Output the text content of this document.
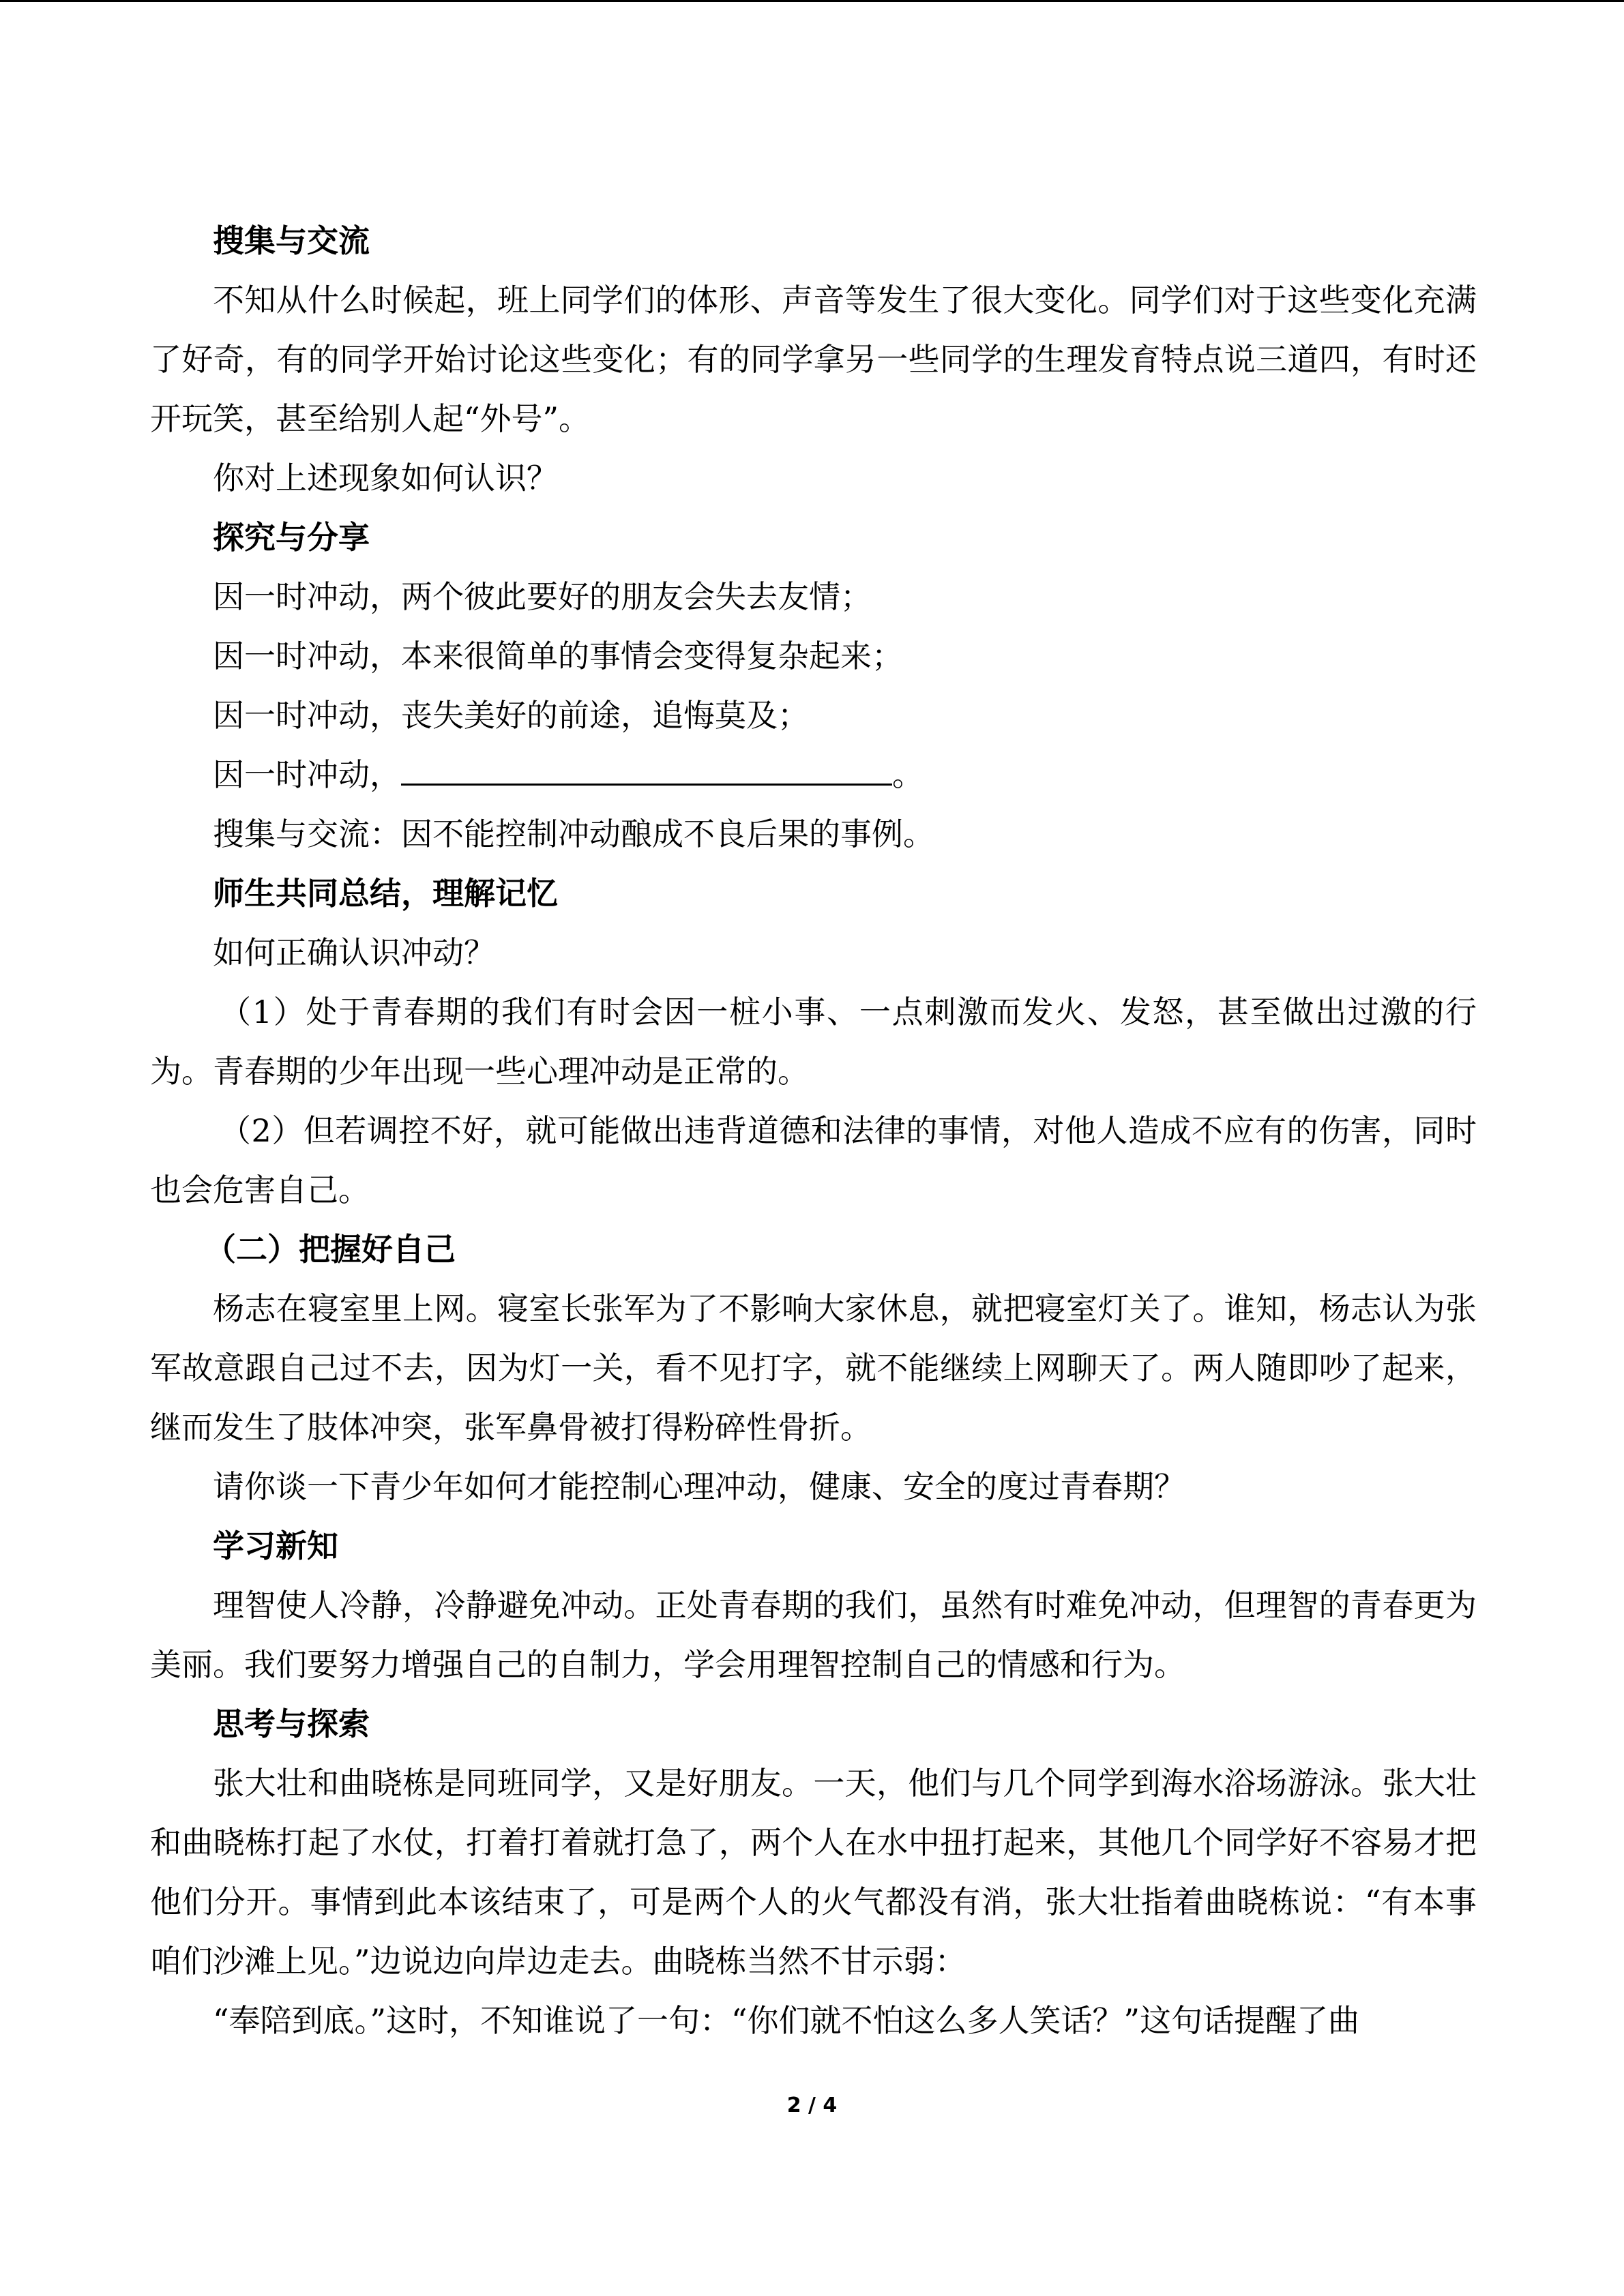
搜集与交流

不知从什么时候起，班上同学们的体形、声音等发生了很大变化。同学们对于这些变化充满了好奇，有的同学开始讨论这些变化；有的同学拿另一些同学的生理发育特点说三道四，有时还开玩笑，甚至给别人起“外号”。

你对上述现象如何认识？

探究与分享

因一时冲动，两个彼此要好的朋友会失去友情；

因一时冲动，本来很简单的事情会变得复杂起来；

因一时冲动，丧失美好的前途，追悔莫及；

因一时冲动，	。

搜集与交流：因不能控制冲动酿成不良后果的事例。

师生共同总结，理解记忆

如何正确认识冲动？

（1）处于青春期的我们有时会因一桩小事、一点刺激而发火、发怒，甚至做出过激的行为。青春期的少年出现一些心理冲动是正常的。

（2）但若调控不好，就可能做出违背道德和法律的事情，对他人造成不应有的伤害，同时也会危害自己。

（二）把握好自己

杨志在寝室里上网。寝室长张军为了不影响大家休息，就把寝室灯关了。谁知，杨志认为张军故意跟自己过不去，因为灯一关，看不见打字，就不能继续上网聊天了。两人随即吵了起来，继而发生了肢体冲突，张军鼻骨被打得粉碎性骨折。

请你谈一下青少年如何才能控制心理冲动，健康、安全的度过青春期？

学习新知

理智使人冷静，冷静避免冲动。正处青春期的我们，虽然有时难免冲动，但理智的青春更为美丽。我们要努力增强自己的自制力，学会用理智控制自己的情感和行为。

思考与探索

张大壮和曲晓栋是同班同学，又是好朋友。一天，他们与几个同学到海水浴场游泳。张大壮和曲晓栋打起了水仗，打着打着就打急了，两个人在水中扭打起来，其他几个同学好不容易才把他们分开。事情到此本该结束了，可是两个人的火气都没有消，张大壮指着曲晓栋说：“有本事咱们沙滩上见。”边说边向岸边走去。曲晓栋当然不甘示弱：

“奉陪到底。”这时，不知谁说了一句：“你们就不怕这么多人笑话？”这句话提醒了曲

2 / 4
